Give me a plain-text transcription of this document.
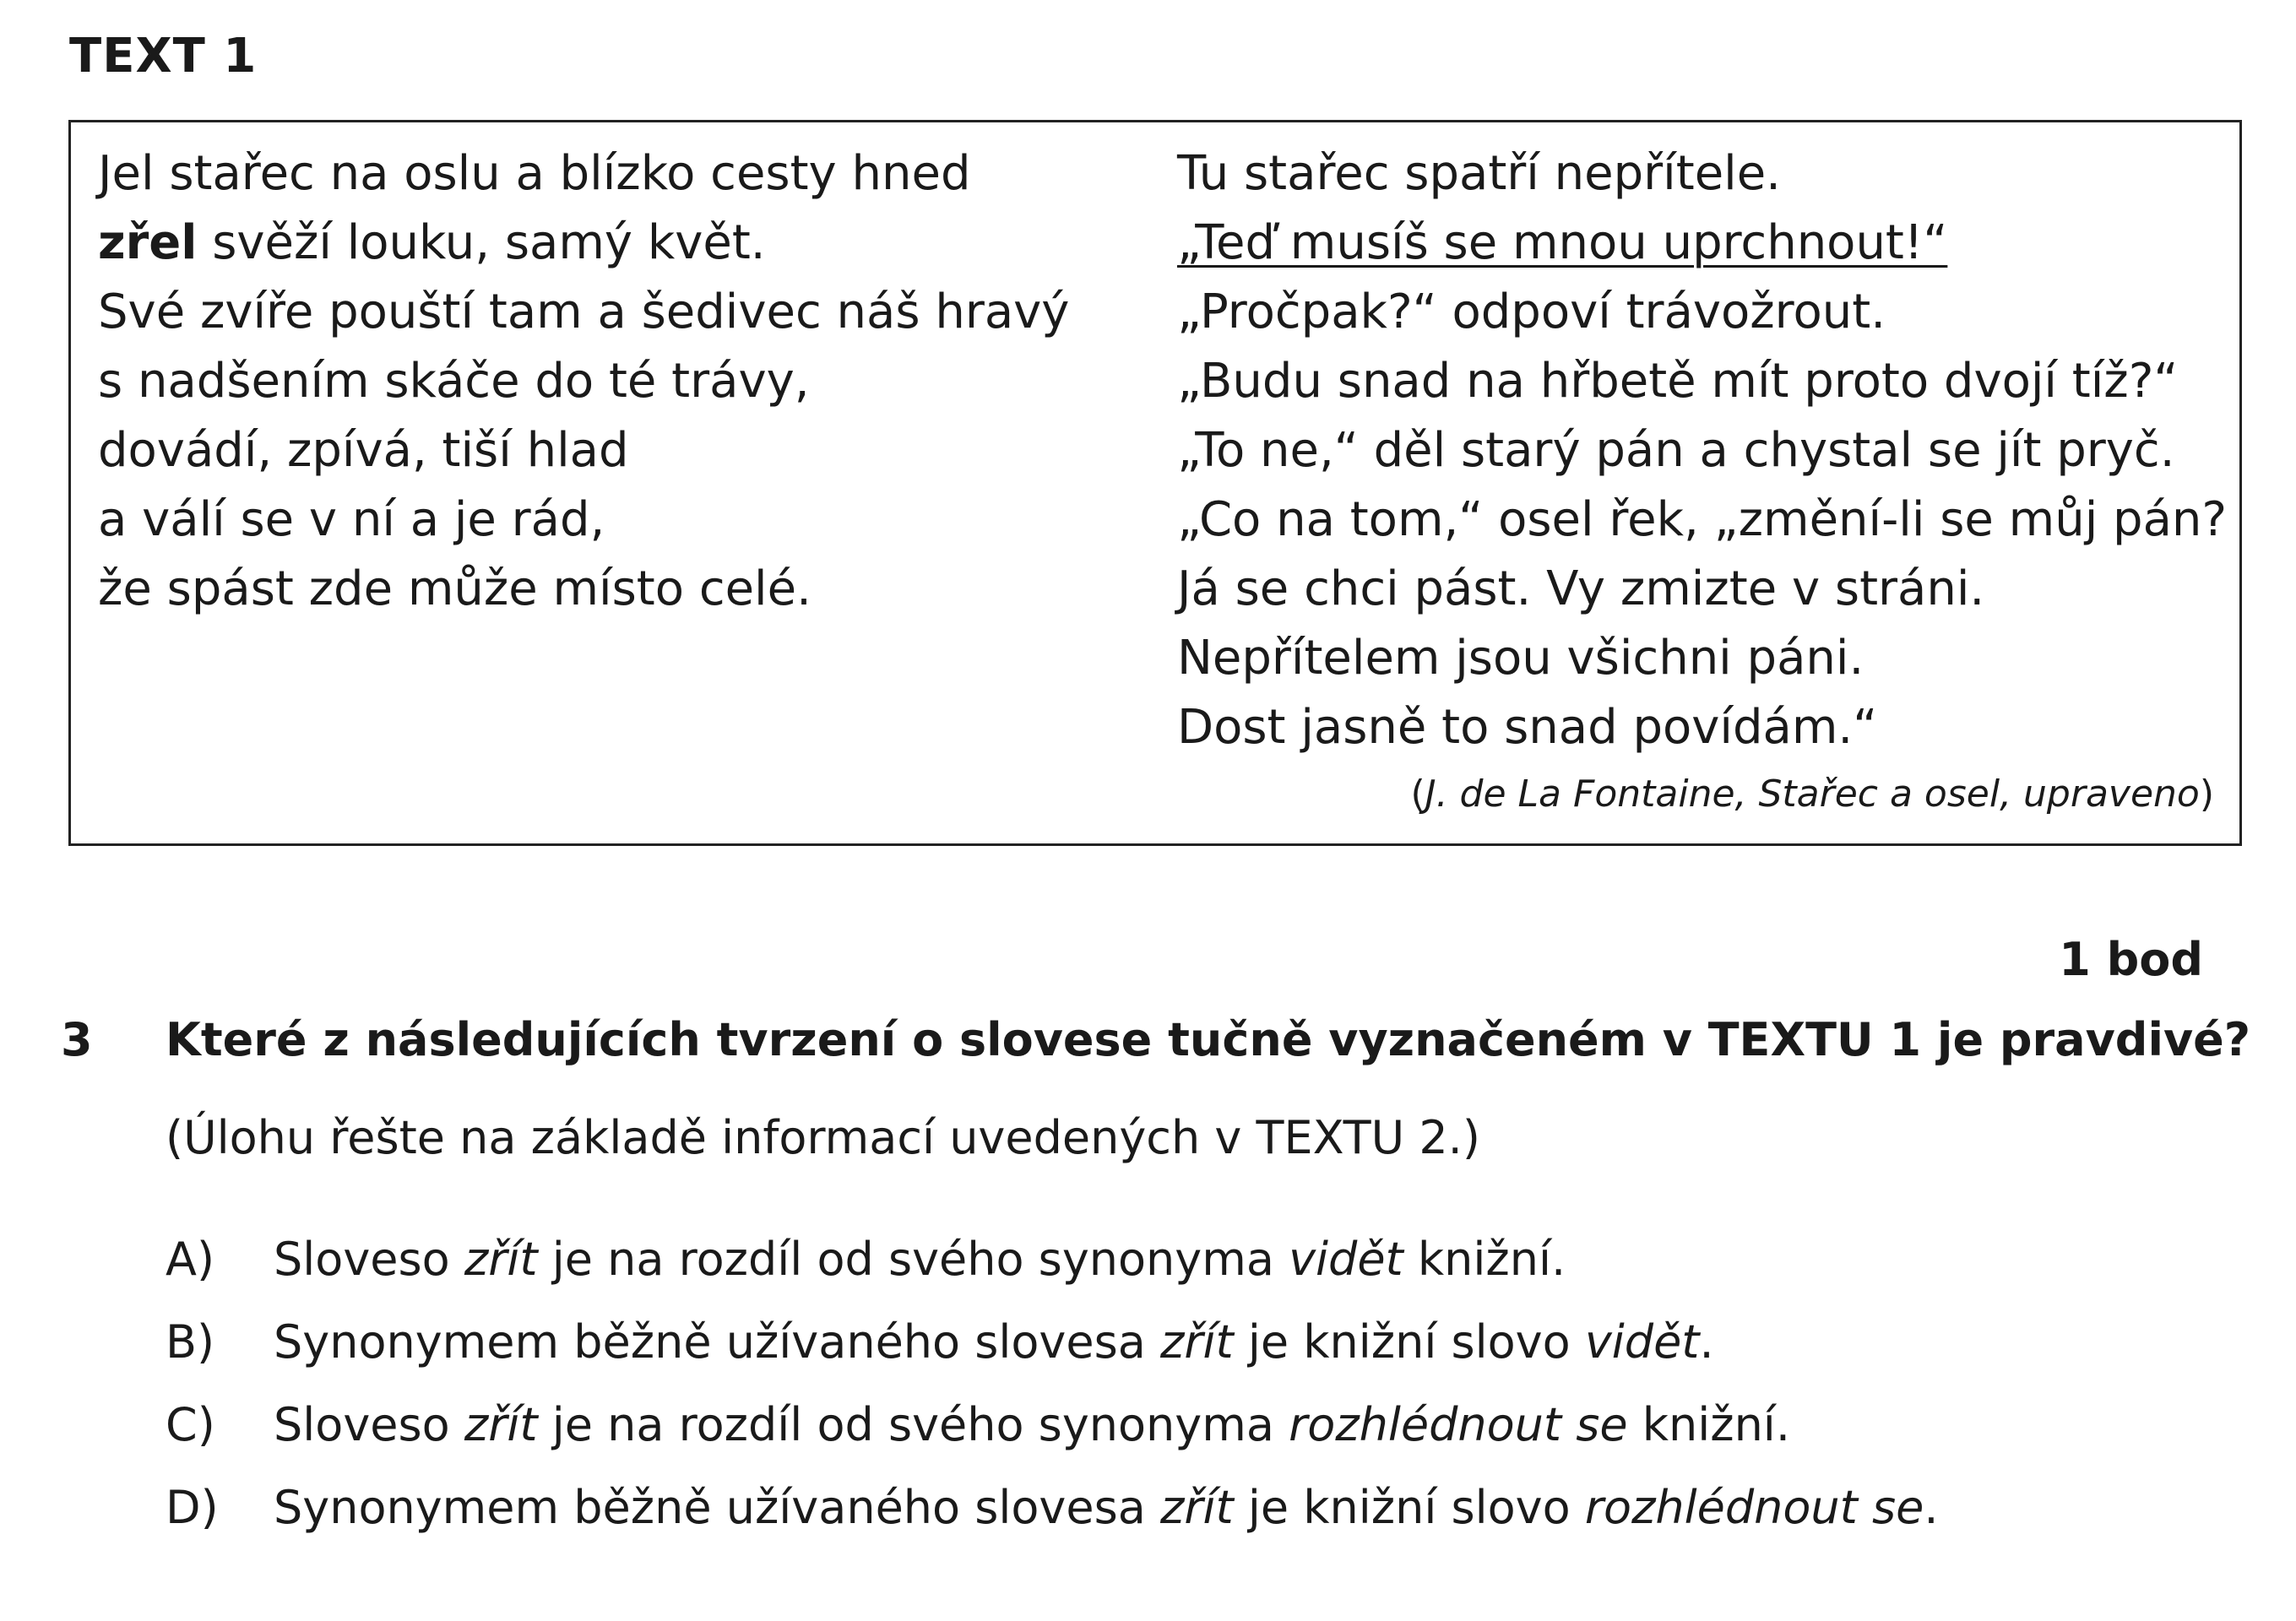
TEXT 1
Jel stařec na oslu a blízko cesty hned
zřel svěží louku, samý květ.
Své zvíře pouští tam a šedivec náš hravý
s nadšením skáče do té trávy,
dovádí, zpívá, tiší hlad
a válí se v ní a je rád,
že spást zde může místo celé.
Tu stařec spatří nepřítele.
„Teď musíš se mnou uprchnout!“
„Pročpak?“ odpoví trávožrout.
„Budu snad na hřbetě mít proto dvojí tíž?“
„To ne,“ děl starý pán a chystal se jít pryč.
„Co na tom,“ osel řek, „změní-li se můj pán?
Já se chci pást. Vy zmizte v stráni.
Nepřítelem jsou všichni páni.
Dost jasně to snad povídám.“
(J. de La Fontaine, Stařec a osel, upraveno)
1 bod
3 Které z následujících tvrzení o slovese tučně vyznačeném v TEXTU 1 je pravdivé?
(Úlohu řešte na základě informací uvedených v TEXTU 2.)
A) Sloveso zřít je na rozdíl od svého synonyma vidět knižní.
B) Synonymem běžně užívaného slovesa zřít je knižní slovo vidět.
C) Sloveso zřít je na rozdíl od svého synonyma rozhlédnout se knižní.
D) Synonymem běžně užívaného slovesa zřít je knižní slovo rozhlédnout se.
